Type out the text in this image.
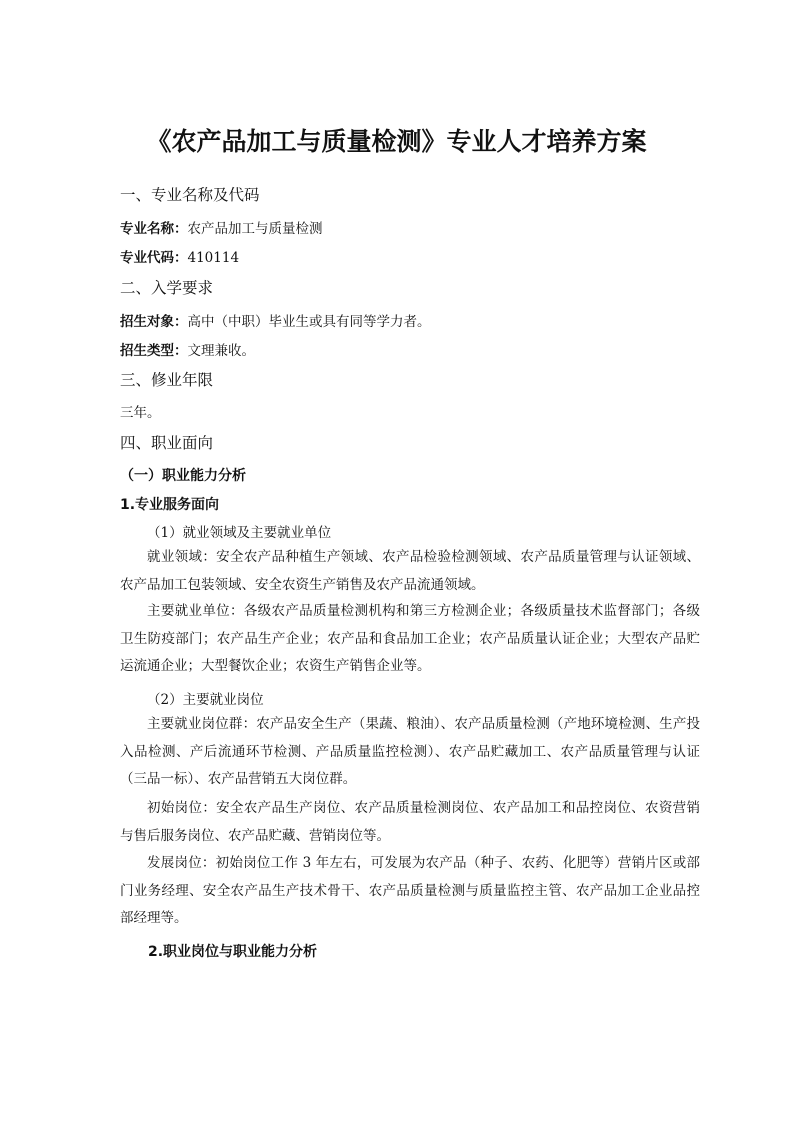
《农产品加工与质量检测》专业人才培养方案
一、专业名称及代码
专业名称：农产品加工与质量检测
专业代码：410114
二、入学要求
招生对象：高中（中职）毕业生或具有同等学力者。
招生类型：文理兼收。
三、修业年限
三年。
四、职业面向
（一）职业能力分析
1.专业服务面向
（1）就业领域及主要就业单位
就业领域：安全农产品种植生产领域、农产品检验检测领域、农产品质量管理与认证领域、农产品加工包装领域、安全农资生产销售及农产品流通领域。
主要就业单位：各级农产品质量检测机构和第三方检测企业；各级质量技术监督部门；各级卫生防疫部门；农产品生产企业；农产品和食品加工企业；农产品质量认证企业；大型农产品贮运流通企业；大型餐饮企业；农资生产销售企业等。
（2）主要就业岗位
主要就业岗位群：农产品安全生产（果蔬、粮油）、农产品质量检测（产地环境检测、生产投入品检测、产后流通环节检测、产品质量监控检测）、农产品贮藏加工、农产品质量管理与认证（三品一标）、农产品营销五大岗位群。
初始岗位：安全农产品生产岗位、农产品质量检测岗位、农产品加工和品控岗位、农资营销与售后服务岗位、农产品贮藏、营销岗位等。
发展岗位：初始岗位工作 3 年左右，可发展为农产品（种子、农药、化肥等）营销片区或部门业务经理、安全农产品生产技术骨干、农产品质量检测与质量监控主管、农产品加工企业品控部经理等。
2.职业岗位与职业能力分析
